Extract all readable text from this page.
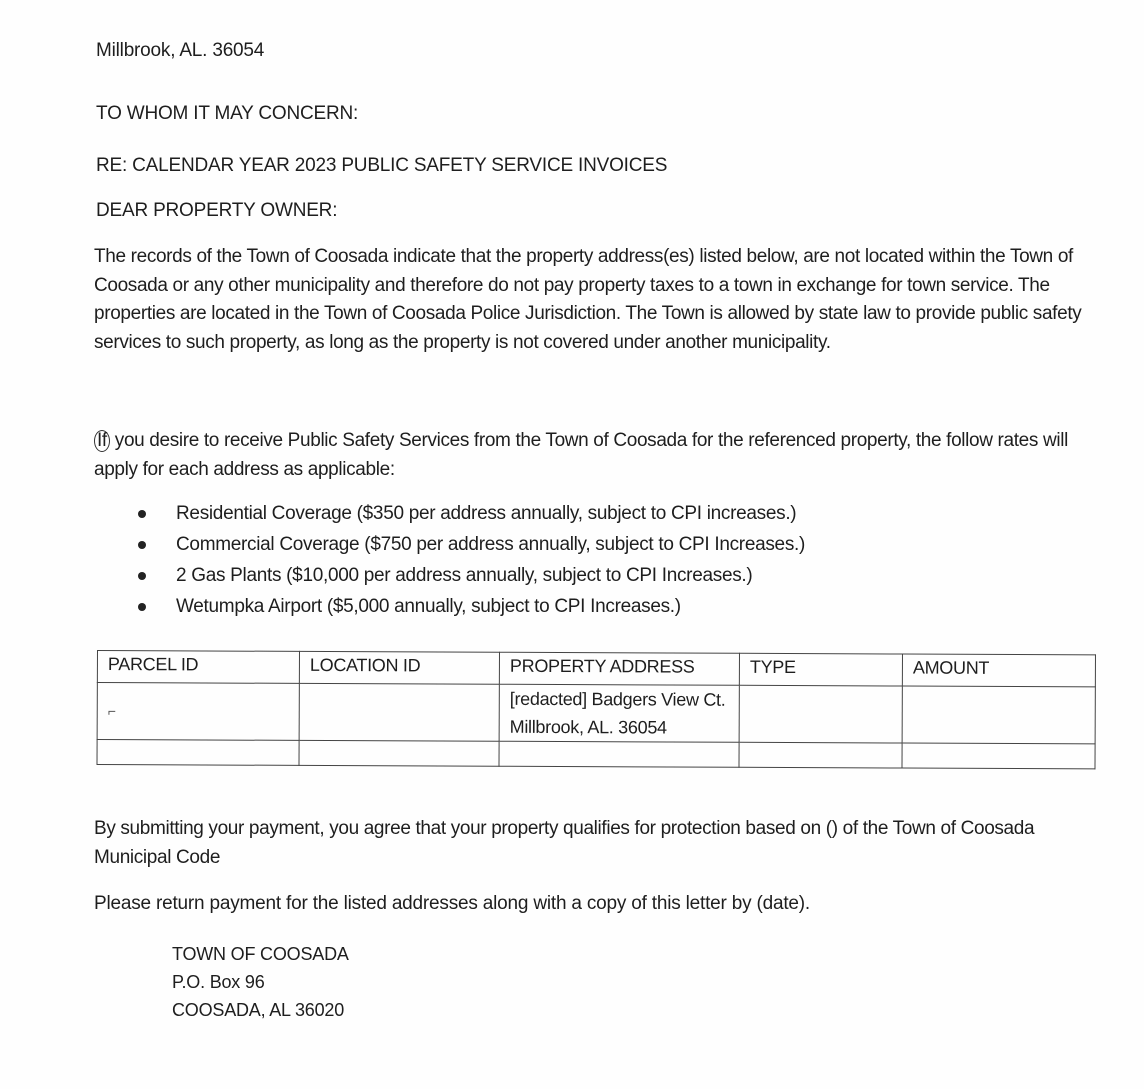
Millbrook, AL. 36054
TO WHOM IT MAY CONCERN:
RE: CALENDAR YEAR 2023 PUBLIC SAFETY SERVICE INVOICES
DEAR PROPERTY OWNER:

The records of the Town of Coosada indicate that the property address(es) listed below, are not located within the Town of Coosada or any other municipality and therefore do not pay property taxes to a town in exchange for town service. The properties are located in the Town of Coosada Police Jurisdiction. The Town is allowed by state law to provide public safety services to such property, as long as the property is not covered under another municipality.

If you desire to receive Public Safety Services from the Town of Coosada for the referenced property, the follow rates will apply for each address as applicable:

Residential Coverage ($350 per address annually, subject to CPI increases.)
Commercial Coverage ($750 per address annually, subject to CPI Increases.)
2 Gas Plants ($10,000 per address annually, subject to CPI Increases.)
Wetumpka Airport ($5,000 annually, subject to CPI Increases.)
PARCEL ID	LOCATION ID	PROPERTY ADDRESS	TYPE	AMOUNT

⌐		[redacted] Badgers View Ct.
Millbrook, AL. 36054		

By submitting your payment, you agree that your property qualifies for protection based on () of the Town of Coosada Municipal Code

Please return payment for the listed addresses along with a copy of this letter by (date).
TOWN OF COOSADA
P.O. Box 96
COOSADA, AL 36020
